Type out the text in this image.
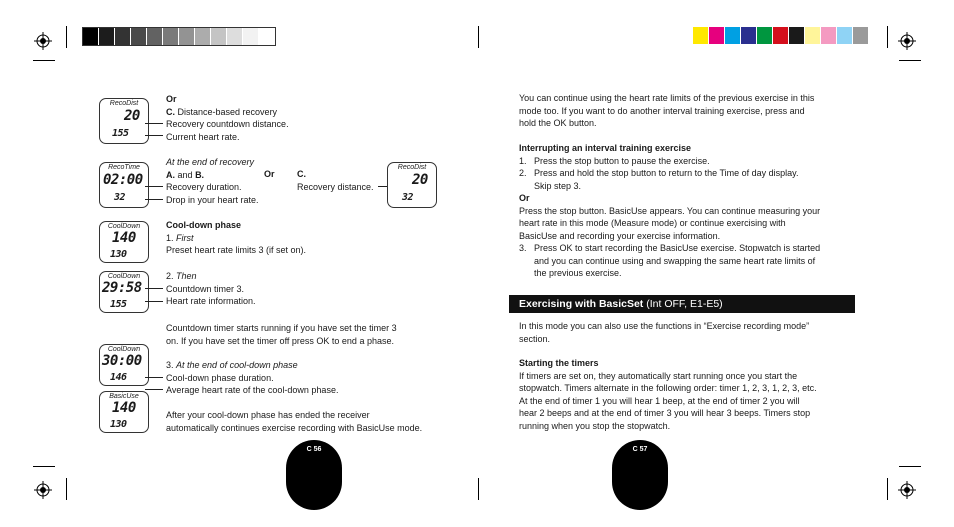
RecoDist
20
155

Or

C. Distance-based recovery

Recovery countdown distance.

Current heart rate.

RecoTime
02:00
32

At the end of recovery

A. and B.

Recovery duration.

Drop in your heart rate.

Or C.

Recovery distance.

RecoDist
20
32
CoolDown
140
130

Cool-down phase

1. First

Preset heart rate limits 3 (if set on).

CoolDown
29:58
155

2. Then

Countdown timer 3.

Heart rate information.

Countdown timer starts running if you have set the timer 3

on. If you have set the timer off press OK to end a phase.

CoolDown
30:00
146

3. At the end of cool-down phase

Cool-down phase duration.

Average heart rate of the cool-down phase.

BasicUse
140
130

After your cool-down phase has ended the receiver

automatically continues exercise recording with BasicUse mode.

C 56

You can continue using the heart rate limits of the previous exercise in this

mode too. If you want to do another interval training exercise, press and

hold the OK button.

Interrupting an interval training exercise

1. Press the stop button to pause the exercise.
2. Press and hold the stop button to return to the Time of day display.
Skip step 3.

Or

Press the stop button. BasicUse appears. You can continue measuring your

heart rate in this mode (Measure mode) or continue exercising with

BasicUse and recording your exercise information.

3. Press OK to start recording the BasicUse exercise. Stopwatch is started
and you can continue using and swapping the same heart rate limits of
the previous exercise.
Exercising with BasicSet (Int OFF, E1-E5)

In this mode you can also use the functions in “Exercise recording mode”

section.

Starting the timers

If timers are set on, they automatically start running once you start the

stopwatch. Timers alternate in the following order: timer 1, 2, 3, 1, 2, 3, etc.

At the end of timer 1 you will hear 1 beep, at the end of timer 2 you will

hear 2 beeps and at the end of timer 3 you will hear 3 beeps. Timers stop

running when you stop the stopwatch.

C 57
